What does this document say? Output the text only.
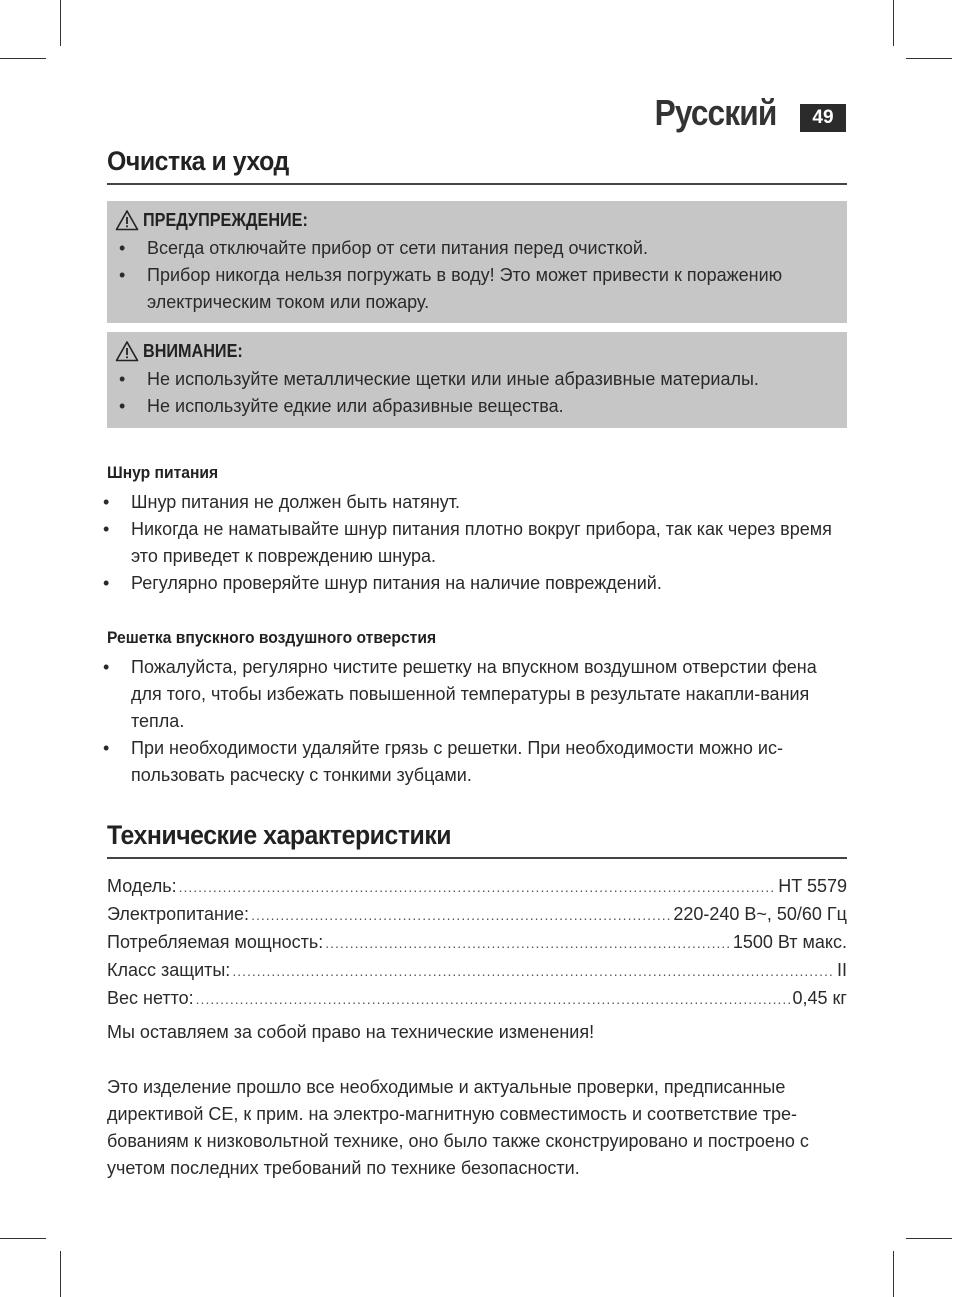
Русский	49
Очистка и уход
ПРЕДУПРЕЖДЕНИЕ:
• Всегда отключайте прибор от сети питания перед очисткой.
• Прибор никогда нельзя погружать в воду! Это может привести к поражению электрическим током или пожару.
ВНИМАНИЕ:
• Не используйте металлические щетки или иные абразивные материалы.
• Не используйте едкие или абразивные вещества.
Шнур питания
• Шнур питания не должен быть натянут.
• Никогда не наматывайте шнур питания плотно вокруг прибора, так как через время это приведет к повреждению шнура.
• Регулярно проверяйте шнур питания на наличие повреждений.
Решетка впускного воздушного отверстия
• Пожалуйста, регулярно чистите решетку на впускном воздушном отверстии фена для того, чтобы избежать повышенной температуры в результате накапли-вания тепла.
• При необходимости удаляйте грязь с решетки. При необходимости можно ис-пользовать расческу с тонкими зубцами.
Технические характеристики
Модель: .....	HT 5579
Электропитание: .....	220-240 В~, 50/60 Гц
Потребляемая мощность: .....	1500 Вт макс.
Класс защиты: .....	II
Вес нетто: .....	0,45 кг
Мы оставляем за собой право на технические изменения!
Это изделение прошло все необходимые и актуальные проверки, предписанные директивой СЕ, к прим. на электро-магнитную совместимость и соответствие тре-бованиям к низковольтной технике, оно было также сконструировано и построено с учетом последних требований по технике безопасности.
